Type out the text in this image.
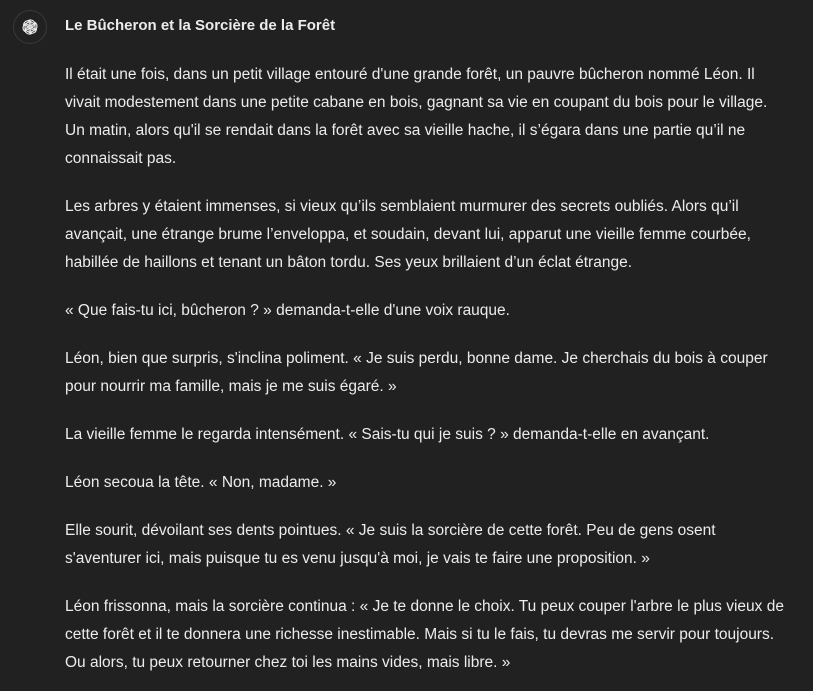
Le Bûcheron et la Sorcière de la Forêt

Il était une fois, dans un petit village entouré d'une grande forêt, un pauvre bûcheron nommé Léon. Il vivait modestement dans une petite cabane en bois, gagnant sa vie en coupant du bois pour le village. Un matin, alors qu'il se rendait dans la forêt avec sa vieille hache, il s’égara dans une partie qu’il ne connaissait pas.

Les arbres y étaient immenses, si vieux qu’ils semblaient murmurer des secrets oubliés. Alors qu’il avançait, une étrange brume l’enveloppa, et soudain, devant lui, apparut une vieille femme courbée, habillée de haillons et tenant un bâton tordu. Ses yeux brillaient d’un éclat étrange.

« Que fais-tu ici, bûcheron ? » demanda-t-elle d'une voix rauque.

Léon, bien que surpris, s'inclina poliment. « Je suis perdu, bonne dame. Je cherchais du bois à couper pour nourrir ma famille, mais je me suis égaré. »

La vieille femme le regarda intensément. « Sais-tu qui je suis ? » demanda-t-elle en avançant.

Léon secoua la tête. « Non, madame. »

Elle sourit, dévoilant ses dents pointues. « Je suis la sorcière de cette forêt. Peu de gens osent s'aventurer ici, mais puisque tu es venu jusqu'à moi, je vais te faire une proposition. »

Léon frissonna, mais la sorcière continua : « Je te donne le choix. Tu peux couper l'arbre le plus vieux de cette forêt et il te donnera une richesse inestimable. Mais si tu le fais, tu devras me servir pour toujours. Ou alors, tu peux retourner chez toi les mains vides, mais libre. »
